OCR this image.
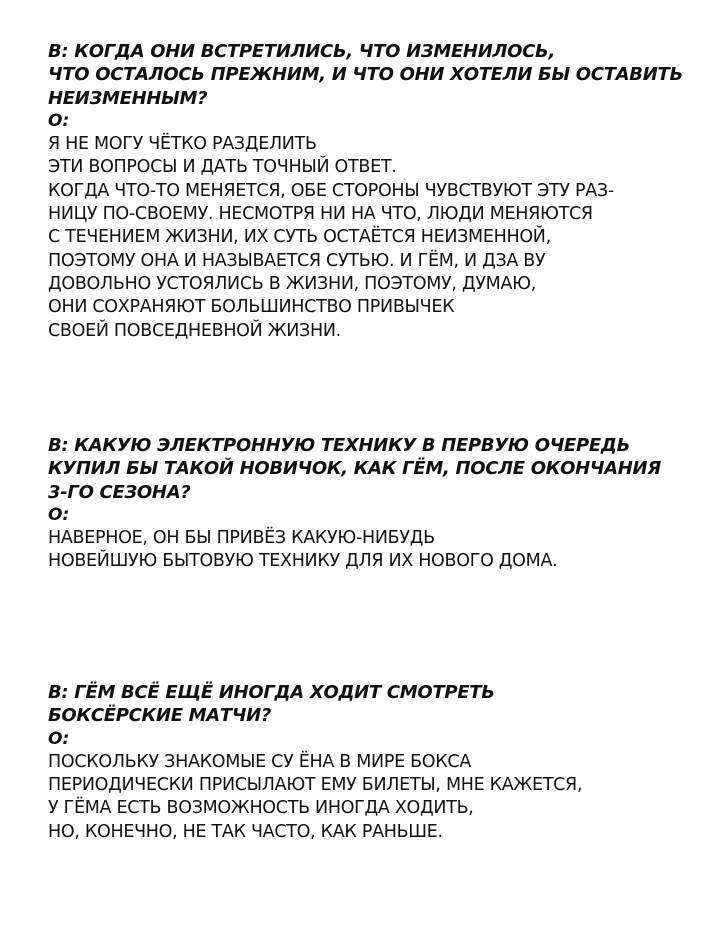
В: КОГДА ОНИ ВСТРЕТИЛИСЬ, ЧТО ИЗМЕНИЛОСЬ,
ЧТО ОСТАЛОСЬ ПРЕЖНИМ, И ЧТО ОНИ ХОТЕЛИ БЫ ОСТАВИТЬ
НЕИЗМЕННЫМ?
О:
Я НЕ МОГУ ЧЁТКО РАЗДЕЛИТЬ
ЭТИ ВОПРОСЫ И ДАТЬ ТОЧНЫЙ ОТВЕТ.
КОГДА ЧТО-ТО МЕНЯЕТСЯ, ОБЕ СТОРОНЫ ЧУВСТВУЮТ ЭТУ РАЗ-
НИЦУ ПО-СВОЕМУ. НЕСМОТРЯ НИ НА ЧТО, ЛЮДИ МЕНЯЮТСЯ
С ТЕЧЕНИЕМ ЖИЗНИ, ИХ СУТЬ ОСТАЁТСЯ НЕИЗМЕННОЙ,
ПОЭТОМУ ОНА И НАЗЫВАЕТСЯ СУТЬЮ. И ГЁМ, И ДЗА ВУ
ДОВОЛЬНО УСТОЯЛИСЬ В ЖИЗНИ, ПОЭТОМУ, ДУМАЮ,
ОНИ СОХРАНЯЮТ БОЛЬШИНСТВО ПРИВЫЧЕК
СВОЕЙ ПОВСЕДНЕВНОЙ ЖИЗНИ.
В: КАКУЮ ЭЛЕКТРОННУЮ ТЕХНИКУ В ПЕРВУЮ ОЧЕРЕДЬ
КУПИЛ БЫ ТАКОЙ НОВИЧОК, КАК ГЁМ, ПОСЛЕ ОКОНЧАНИЯ
3-ГО СЕЗОНА?
О:
НАВЕРНОЕ, ОН БЫ ПРИВЁЗ КАКУЮ-НИБУДЬ
НОВЕЙШУЮ БЫТОВУЮ ТЕХНИКУ ДЛЯ ИХ НОВОГО ДОМА.
В: ГЁМ ВСЁ ЕЩЁ ИНОГДА ХОДИТ СМОТРЕТЬ
БОКСЁРСКИЕ МАТЧИ?
О:
ПОСКОЛЬКУ ЗНАКОМЫЕ СУ ЁНА В МИРЕ БОКСА
ПЕРИОДИЧЕСКИ ПРИСЫЛАЮТ ЕМУ БИЛЕТЫ, МНЕ КАЖЕТСЯ,
У ГЁМА ЕСТЬ ВОЗМОЖНОСТЬ ИНОГДА ХОДИТЬ,
НО, КОНЕЧНО, НЕ ТАК ЧАСТО, КАК РАНЬШЕ.
